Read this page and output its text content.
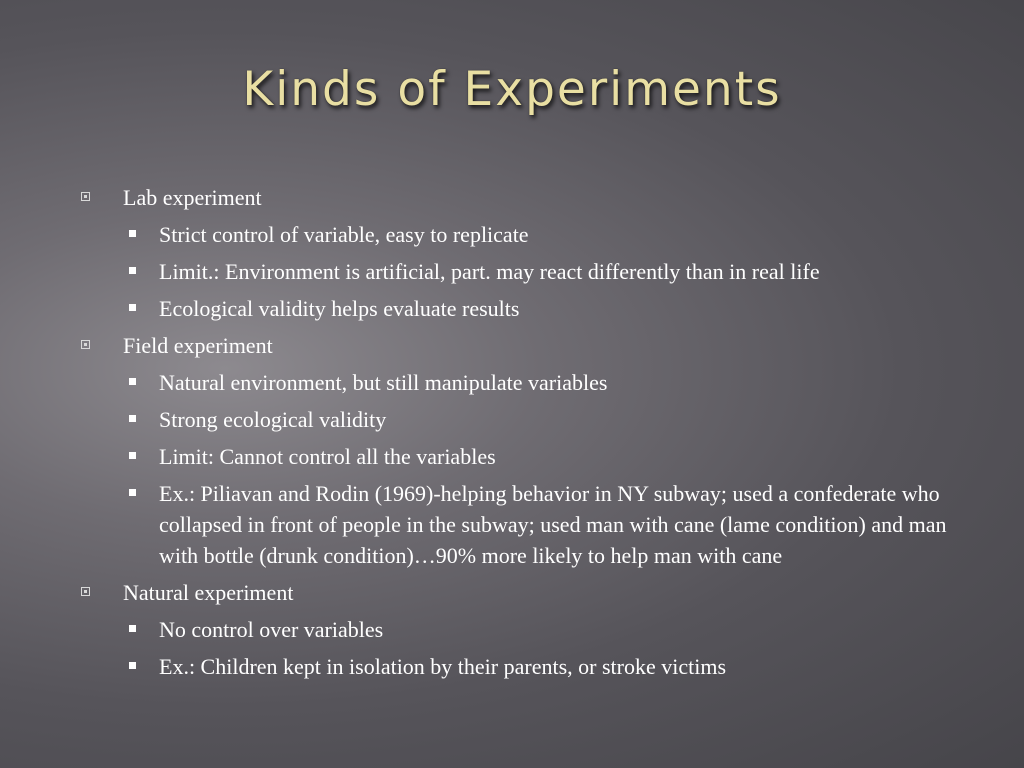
Kinds of Experiments
Lab experiment
Strict control of variable, easy to replicate
Limit.: Environment is artificial, part. may react differently than in real life
Ecological validity helps evaluate results
Field experiment
Natural environment, but still manipulate variables
Strong ecological validity
Limit: Cannot control all the variables
Ex.: Piliavan and Rodin (1969)-helping behavior in NY subway; used a confederate who collapsed in front of people in the subway; used man with cane (lame condition) and man with bottle (drunk condition)…90% more likely to help man with cane
Natural experiment
No control over variables
Ex.: Children kept in isolation by their parents, or stroke victims
